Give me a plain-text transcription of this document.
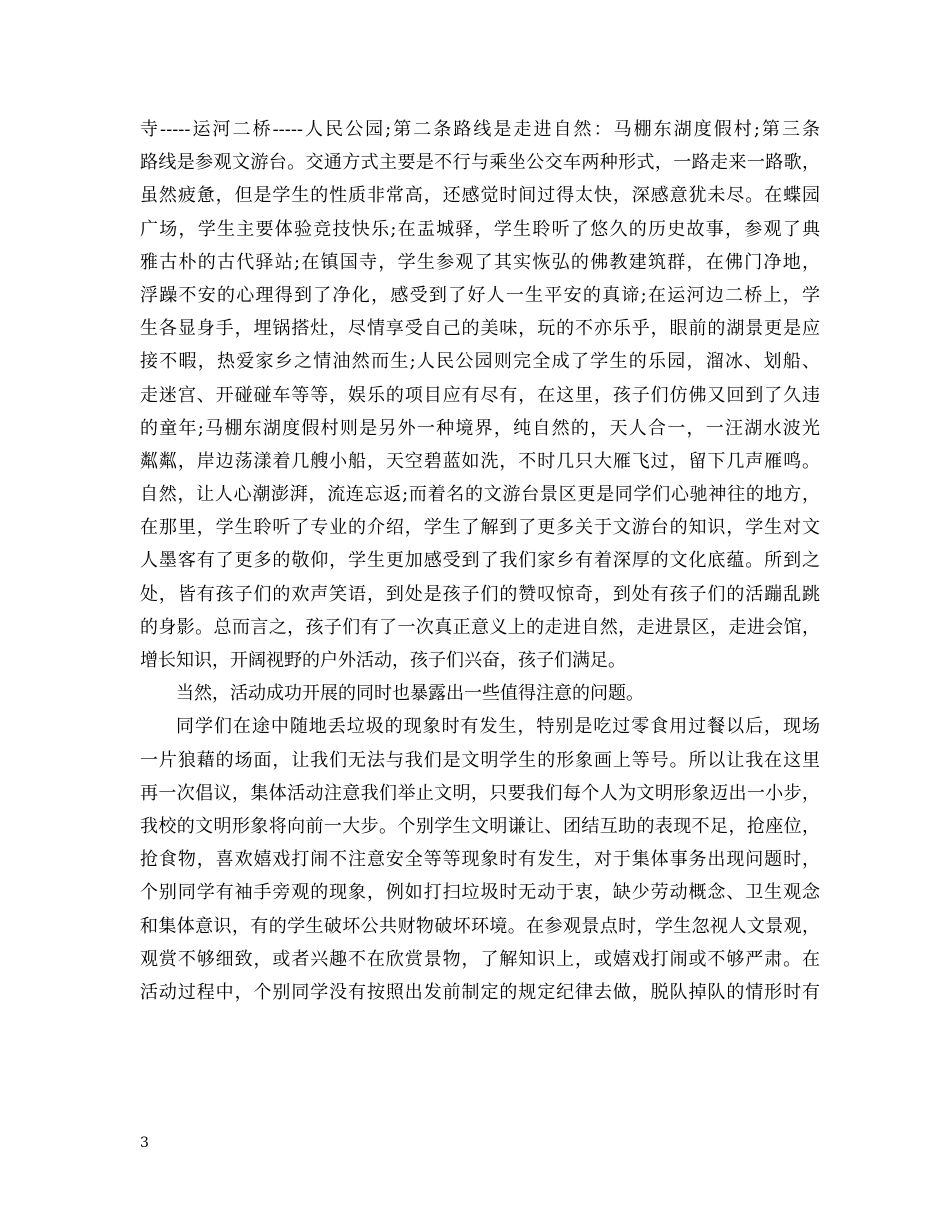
寺-----运河二桥-----人民公园;第二条路线是走进自然：马棚东湖度假村;第三条
路线是参观文游台。交通方式主要是不行与乘坐公交车两种形式，一路走来一路歌，
虽然疲惫，但是学生的性质非常高，还感觉时间过得太快，深感意犹未尽。在蝶园
广场，学生主要体验竞技快乐;在盂城驿，学生聆听了悠久的历史故事，参观了典
雅古朴的古代驿站;在镇国寺，学生参观了其实恢弘的佛教建筑群，在佛门净地，
浮躁不安的心理得到了净化，感受到了好人一生平安的真谛;在运河边二桥上，学
生各显身手，埋锅搭灶，尽情享受自己的美味，玩的不亦乐乎，眼前的湖景更是应
接不暇，热爱家乡之情油然而生;人民公园则完全成了学生的乐园，溜冰、划船、
走迷宫、开碰碰车等等，娱乐的项目应有尽有，在这里，孩子们仿佛又回到了久违
的童年;马棚东湖度假村则是另外一种境界，纯自然的，天人合一，一汪湖水波光
粼粼，岸边荡漾着几艘小船，天空碧蓝如洗，不时几只大雁飞过，留下几声雁鸣。
自然，让人心潮澎湃，流连忘返;而着名的文游台景区更是同学们心驰神往的地方，
在那里，学生聆听了专业的介绍，学生了解到了更多关于文游台的知识，学生对文
人墨客有了更多的敬仰，学生更加感受到了我们家乡有着深厚的文化底蕴。所到之
处，皆有孩子们的欢声笑语，到处是孩子们的赞叹惊奇，到处有孩子们的活蹦乱跳
的身影。总而言之，孩子们有了一次真正意义上的走进自然，走进景区，走进会馆，
增长知识，开阔视野的户外活动，孩子们兴奋，孩子们满足。
当然，活动成功开展的同时也暴露出一些值得注意的问题。
同学们在途中随地丢垃圾的现象时有发生，特别是吃过零食用过餐以后，现场
一片狼藉的场面，让我们无法与我们是文明学生的形象画上等号。所以让我在这里
再一次倡议，集体活动注意我们举止文明，只要我们每个人为文明形象迈出一小步，
我校的文明形象将向前一大步。个别学生文明谦让、团结互助的表现不足，抢座位，
抢食物，喜欢嬉戏打闹不注意安全等等现象时有发生，对于集体事务出现问题时，
个别同学有袖手旁观的现象，例如打扫垃圾时无动于衷，缺少劳动概念、卫生观念
和集体意识，有的学生破坏公共财物破坏环境。在参观景点时，学生忽视人文景观，
观赏不够细致，或者兴趣不在欣赏景物，了解知识上，或嬉戏打闹或不够严肃。在
活动过程中，个别同学没有按照出发前制定的规定纪律去做，脱队掉队的情形时有
3
